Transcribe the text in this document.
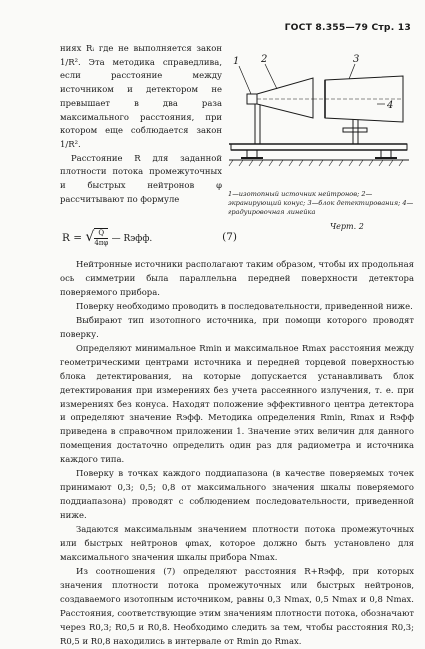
ГОСТ 8.355—79 Стр. 13

ниях Rᵢ где не выполняется закон 1/R². Эта методика справедлива, если расстояние между источником и детектором не превышает в два раза максимального расстояния, при котором еще соблюдается закон 1/R².

Расстояние R для заданной плотности потока промежуточных и быстрых нейтронов φ рассчитывают по формуле

R = √ $\frac{Q}{4\pi\varphi}$ — Rэфф.	(7)
1 2	3
4
1—изотопный источник нейтронов; 2—экранирующий конус; 3—блок детектирования; 4—градуировочная линейка
Черт. 2

Нейтронные источники располагают таким образом, чтобы их продольная ось симметрии была параллельна передней поверхности детектора поверяемого прибора.

Поверку необходимо проводить в последовательности, приведенной ниже.

Выбирают тип изотопного источника, при помощи которого проводят поверку.

Определяют минимальное Rmin и максимальное Rmax расстояния между геометрическими центрами источника и передней торцевой поверхностью блока детектирования, на которые допускается устанавливать блок детектирования при измерениях без учета рассеянного излучения, т. е. при измерениях без конуса. Находят положение эффективного центра детектора и определяют значение Rэфф. Методика определения Rmin, Rmax и Rэфф приведена в справочном приложении 1. Значение этих величин для данного помещения достаточно определить один раз для радиометра и источника каждого типа.

Поверку в точках каждого поддиапазона (в качестве поверяемых точек принимают 0,3; 0,5; 0,8 от максимального значения шкалы поверяемого поддиапазона) проводят с соблюдением последовательности, приведенной ниже.

Задаются максимальным значением плотности потока промежуточных или быстрых нейтронов φmax, которое должно быть установлено для максимального значения шкалы прибора Nmax.

Из соотношения (7) определяют расстояния R+Rэфф, при которых значения плотности потока промежуточных или быстрых нейтронов, создаваемого изотопным источником, равны 0,3 Nmax, 0,5 Nmax и 0,8 Nmax. Расстояния, соответствующие этим значениям плотности потока, обозначают через R0,3; R0,5 и R0,8. Необходимо следить за тем, чтобы расстояния R0,3; R0,5 и R0,8 находились в интервале от Rmin до Rmax.
